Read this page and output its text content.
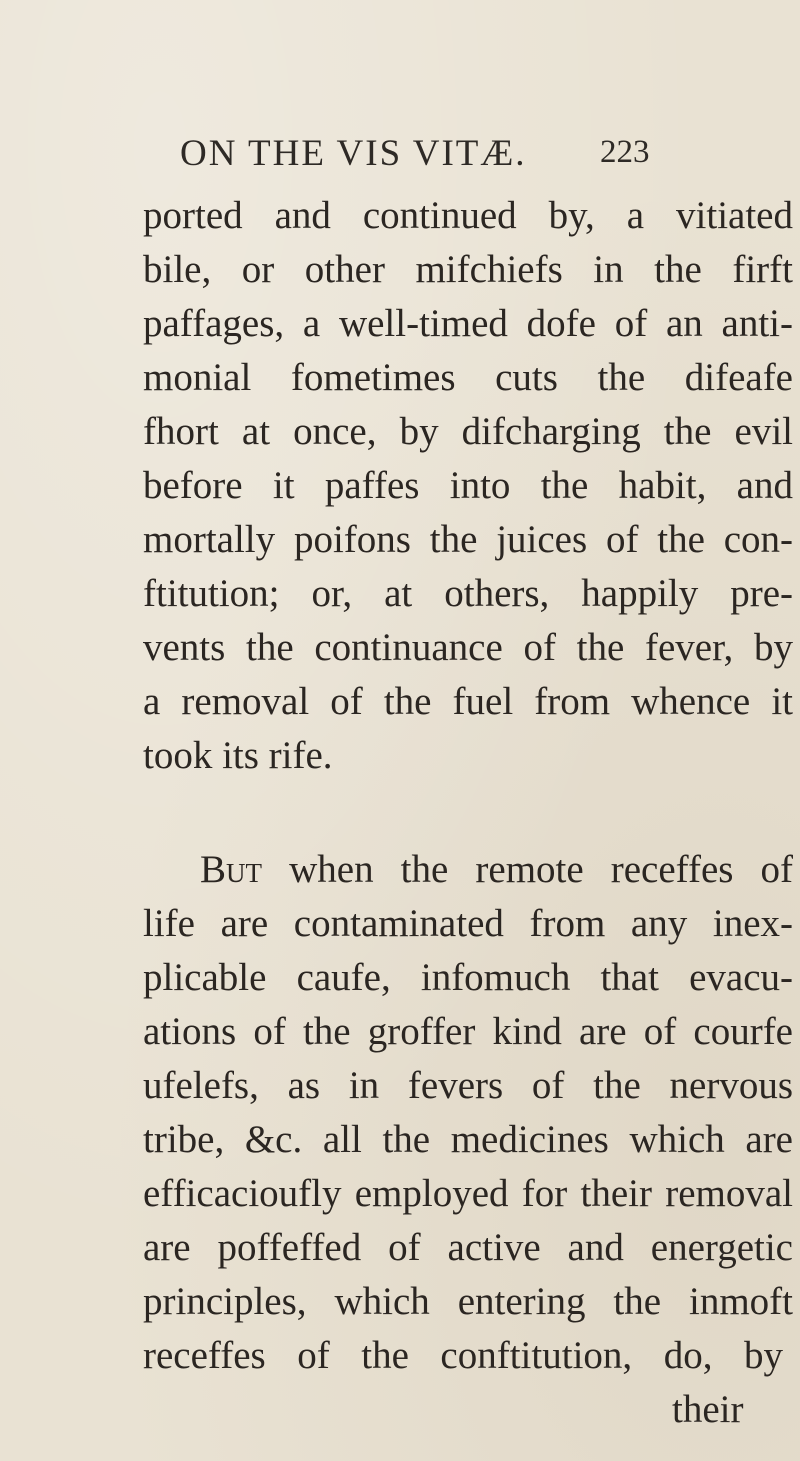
ON THE VIS VITÆ. 223
ported and continued by, a vitiated
bile, or other mifchiefs in the firft
paffages, a well-timed dofe of an anti-
monial fometimes cuts the difeafe
fhort at once, by difcharging the evil
before it paffes into the habit, and
mortally poifons the juices of the con-
ftitution; or, at others, happily pre-
vents the continuance of the fever, by
a removal of the fuel from whence it
took its rife.
But when the remote receffes of
life are contaminated from any inex-
plicable caufe, infomuch that evacu-
ations of the groffer kind are of courfe
ufelefs, as in fevers of the nervous
tribe, &c. all the medicines which are
efficacioufly employed for their removal
are poffeffed of active and energetic
principles, which entering the inmoft
receffes of the conftitution, do, by
their
